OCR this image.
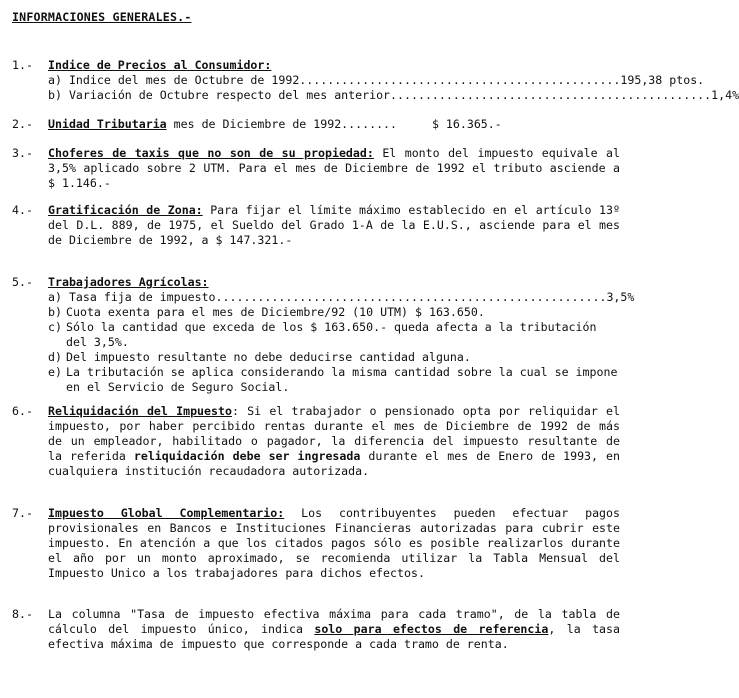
INFORMACIONES GENERALES.-
1.- Indice de Precios al Consumidor:
a) Indice del mes de Octubre de 1992 .............................................. 195,38 ptos.
b) Variación de Octubre respecto del mes anterior .............................................. 1,4%
2.- Unidad Tributaria mes de Diciembre de 1992........	$ 16.365.-
3.- Choferes de taxis que no son de su propiedad: El monto del impuesto equivale al 3,5% aplicado sobre 2 UTM. Para el mes de Diciembre de 1992 el tributo asciende a $ 1.146.-
4.- Gratificación de Zona: Para fijar el límite máximo establecido en el artículo 13º del D.L. 889, de 1975, el Sueldo del Grado 1-A de la E.U.S., asciende para el mes de Diciembre de 1992, a $ 147.321.-
5.- Trabajadores Agrícolas:
a) Tasa fija de impuesto ........................................................ 3,5%
b) Cuota exenta para el mes de Diciembre/92 (10 UTM) $ 163.650.
c) Sólo la cantidad que exceda de los $ 163.650.- queda afecta a la tributación del 3,5%.
d) Del impuesto resultante no debe deducirse cantidad alguna.
e) La tributación se aplica considerando la misma cantidad sobre la cual se impone en el Servicio de Seguro Social.
6.- Reliquidación del Impuesto: Si el trabajador o pensionado opta por reliquidar el impuesto, por haber percibido rentas durante el mes de Diciembre de 1992 de más de un empleador, habilitado o pagador, la diferencia del impuesto resultante de la referida reliquidación debe ser ingresada durante el mes de Enero de 1993, en cualquiera institución recaudadora autorizada.
7.- Impuesto Global Complementario: Los contribuyentes pueden efectuar pagos provisionales en Bancos e Instituciones Financieras autorizadas para cubrir este impuesto. En atención a que los citados pagos sólo es posible realizarlos durante el año por un monto aproximado, se recomienda utilizar la Tabla Mensual del Impuesto Unico a los trabajadores para dichos efectos.
8.- La columna "Tasa de impuesto efectiva máxima para cada tramo", de la tabla de cálculo del impuesto único, indica solo para efectos de referencia, la tasa efectiva máxima de impuesto que corresponde a cada tramo de renta.
